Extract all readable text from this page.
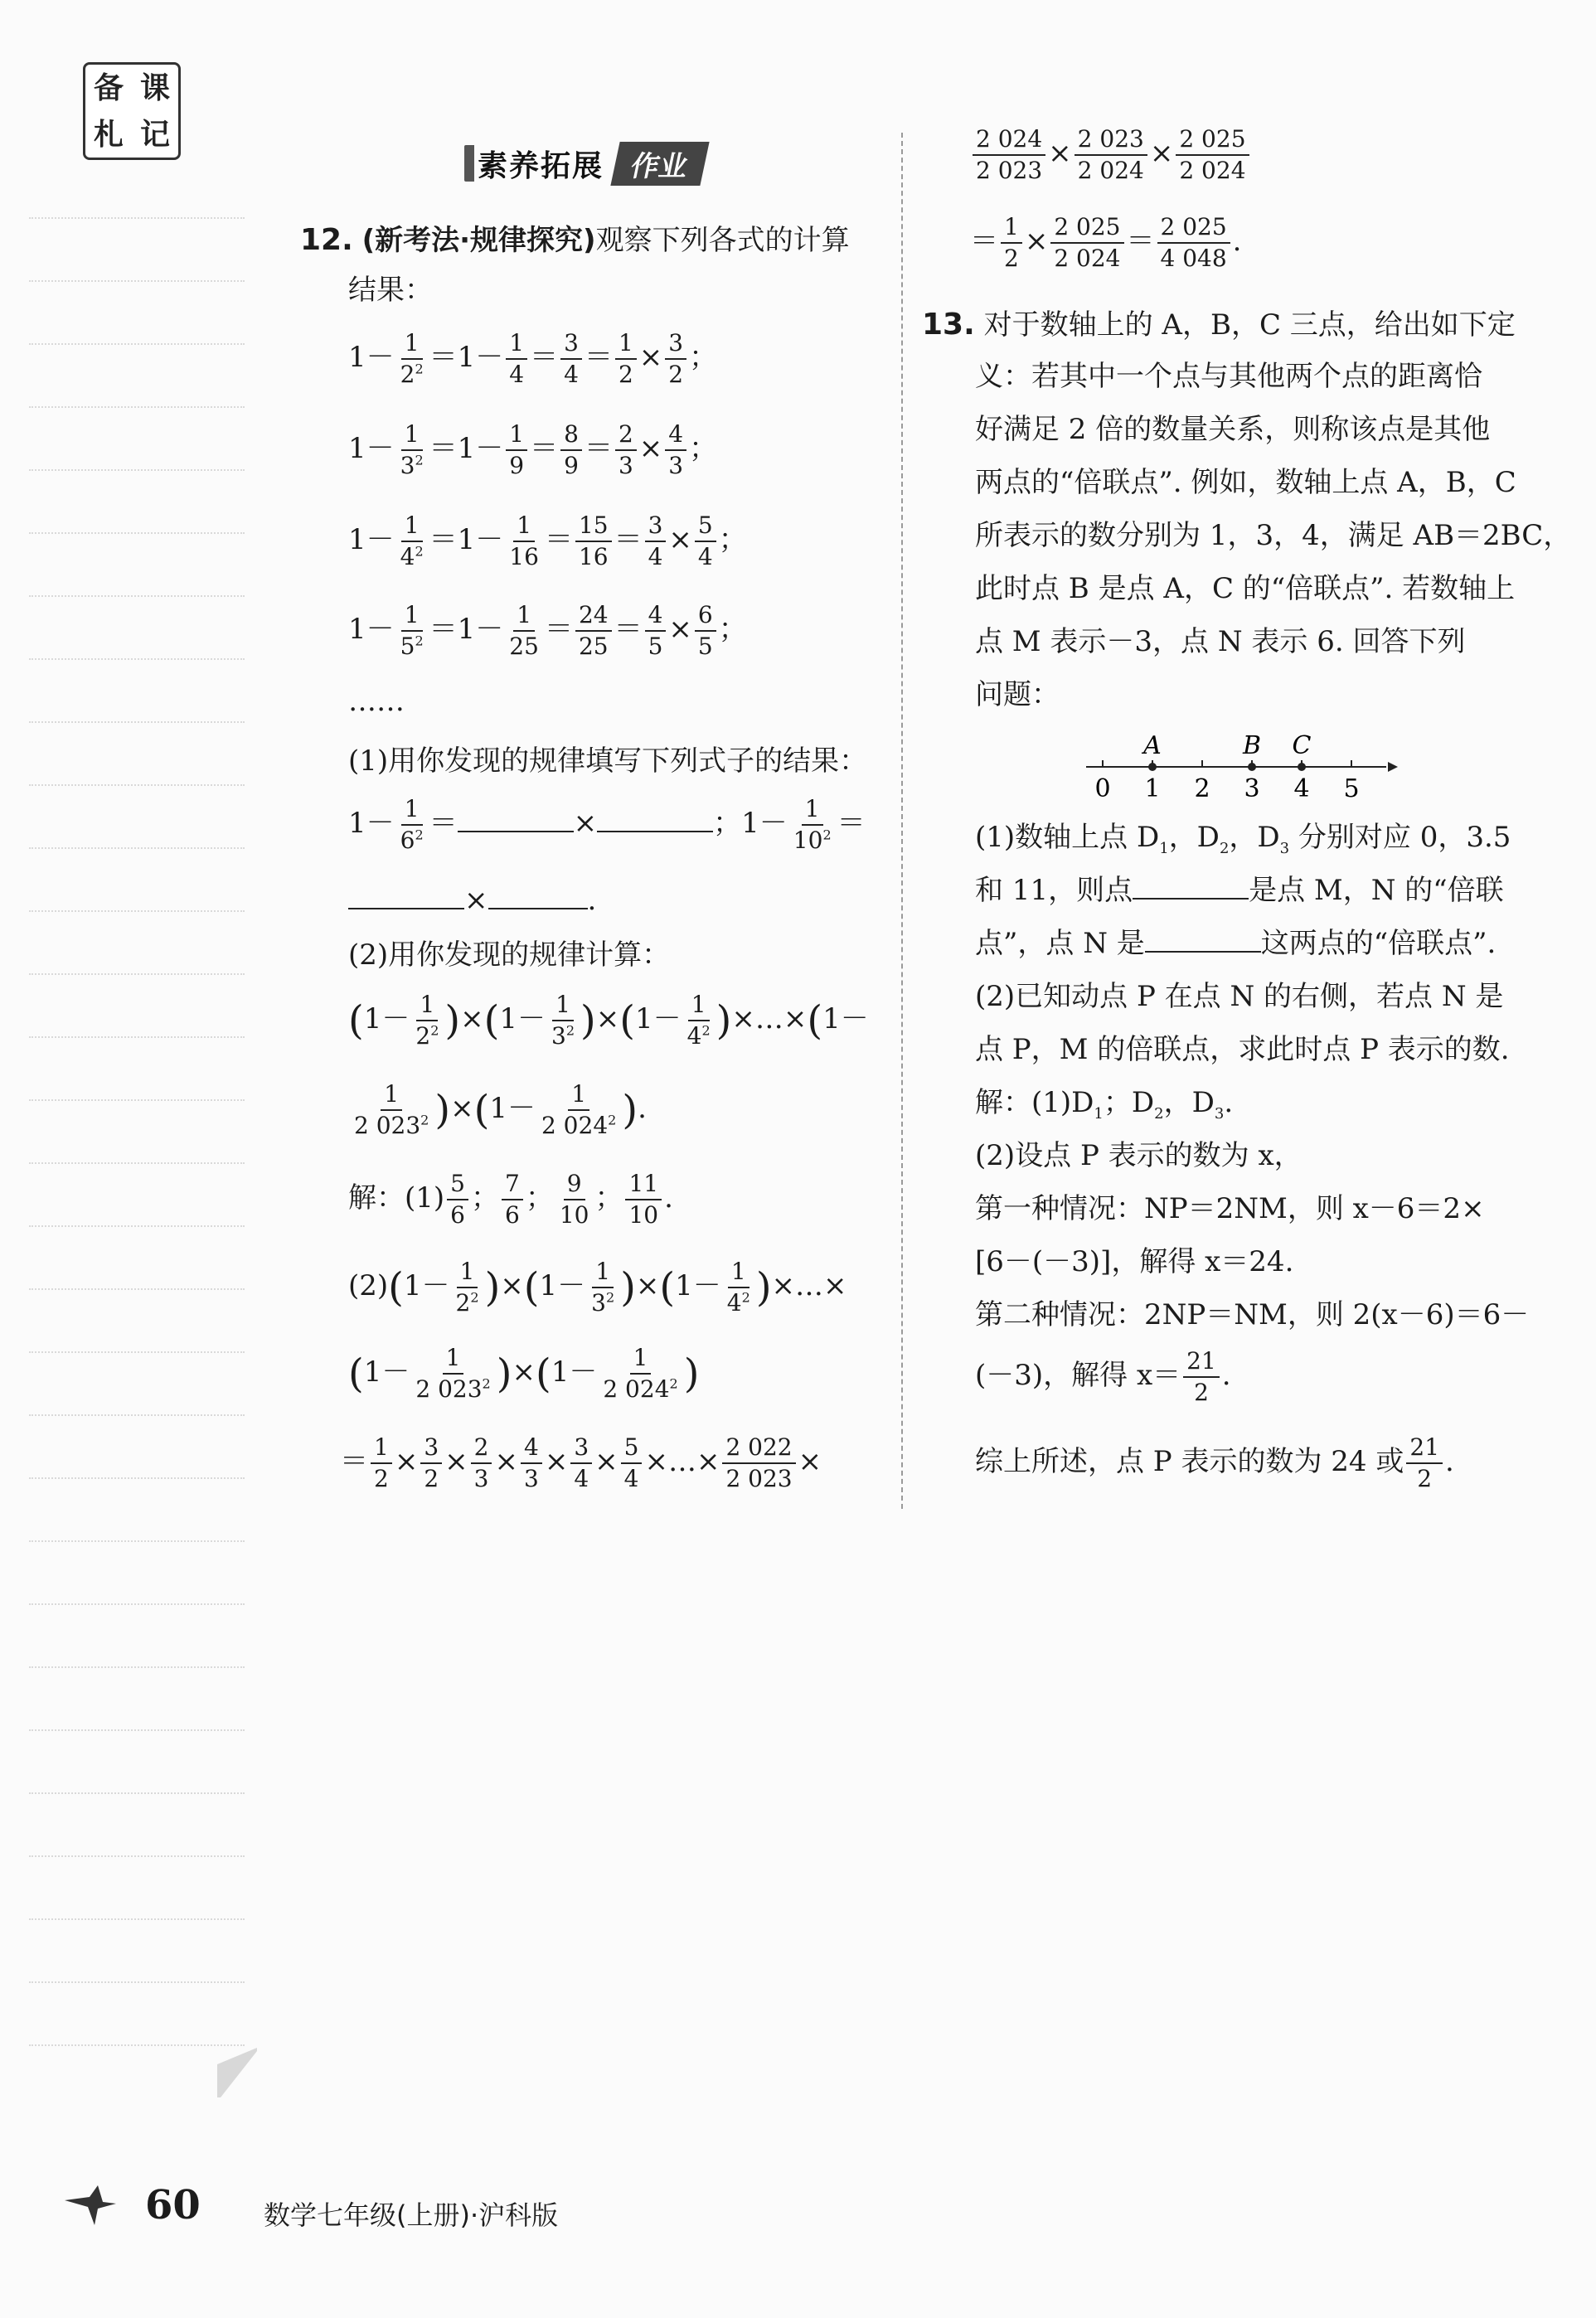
备 课
札 记
素养拓展 作业
12. (新考法·规律探究)观察下列各式的计算
结果：
$1- \frac{1}{2^2} =1- \frac{1}{4} = \frac{3}{4} = \frac{1}{2} \times \frac{3}{2}$ ；
$1- \frac{1}{3^2} =1- \frac{1}{9} = \frac{8}{9} = \frac{2}{3} \times \frac{4}{3}$ ；
$1- \frac{1}{4^2} =1- \frac{1}{16} = \frac{15}{16} = \frac{3}{4} \times \frac{5}{4}$ ；
$1- \frac{1}{5^2} =1- \frac{1}{25} = \frac{24}{25} = \frac{4}{5} \times \frac{6}{5}$ ；
……
(1)用你发现的规律填写下列式子的结果：
$1- \frac{1}{6^2}$ ＝	×	；$1- \frac{1}{10^2}$ ＝
×	.
(2)用你发现的规律计算：
$(1- \frac{1}{2^2} )\times(1- \frac{1}{3^2} )\times(1- \frac{1}{4^2}$ )×…×(1－
$\frac{1}{2 023^2} )\times(1- \frac{1}{2 024^2}$ ).
解：$(1) \frac{5}{6}$ ； $\frac{7}{6}$ ； $\frac{9}{10}$ ； $\frac{11}{10}$ .
$(2)(1- \frac{1}{2^2} )\times(1- \frac{1}{3^2} )\times(1- \frac{1}{4^2}$ )×…×
$(1- \frac{1}{2 023^2} )\times(1- \frac{1}{2 024^2}$ )
＝ $\frac{1}{2} \times \frac{3}{2} \times \frac{2}{3} \times \frac{4}{3} \times \frac{3}{4} \times \frac{5}{4}$ ×…× $\frac{2 022}{2 023}$ ×
$\frac{2 024}{2 023} \times \frac{2 023}{2 024} \times \frac{2 025}{2 024}$
＝ $\frac{1}{2} \times \frac{2 025}{2 024} = \frac{2 025}{4 048}$ .
13. 对于数轴上的 A，B，C 三点，给出如下定
义：若其中一个点与其他两个点的距离恰
好满足 2 倍的数量关系，则称该点是其他
两点的“倍联点”. 例如，数轴上点 A，B，C
所表示的数分别为 1，3，4，满足 AB＝2BC，
此时点 B 是点 A，C 的“倍联点”. 若数轴上
点 M 表示－3，点 N 表示 6. 回答下列
问题：
0 1 2 3 4 5
A	B C
(1)数轴上点 $D_1$，$D_2$，$D_3$ 分别对应 0，3.5
和 11，则点	是点 M，N 的“倍联
点”，点 N 是	这两点的“倍联点”.
(2)已知动点 P 在点 N 的右侧，若点 N 是
点 P，M 的倍联点，求此时点 P 表示的数.
解：$(1)D_1$；$D_2$，$D_3$.
(2)设点 P 表示的数为 x，
第一种情况：NP＝2NM，则 x－6＝2×
[6－(－3)]，解得 x＝24.
第二种情况：2NP＝NM，则 2(x－6)＝6－
(－3)，解得 $x= \frac{21}{2}$ .
综上所述，点 P 表示的数为 24 或 $\frac{21}{2}$ .
60 数学七年级(上册)·沪科版
